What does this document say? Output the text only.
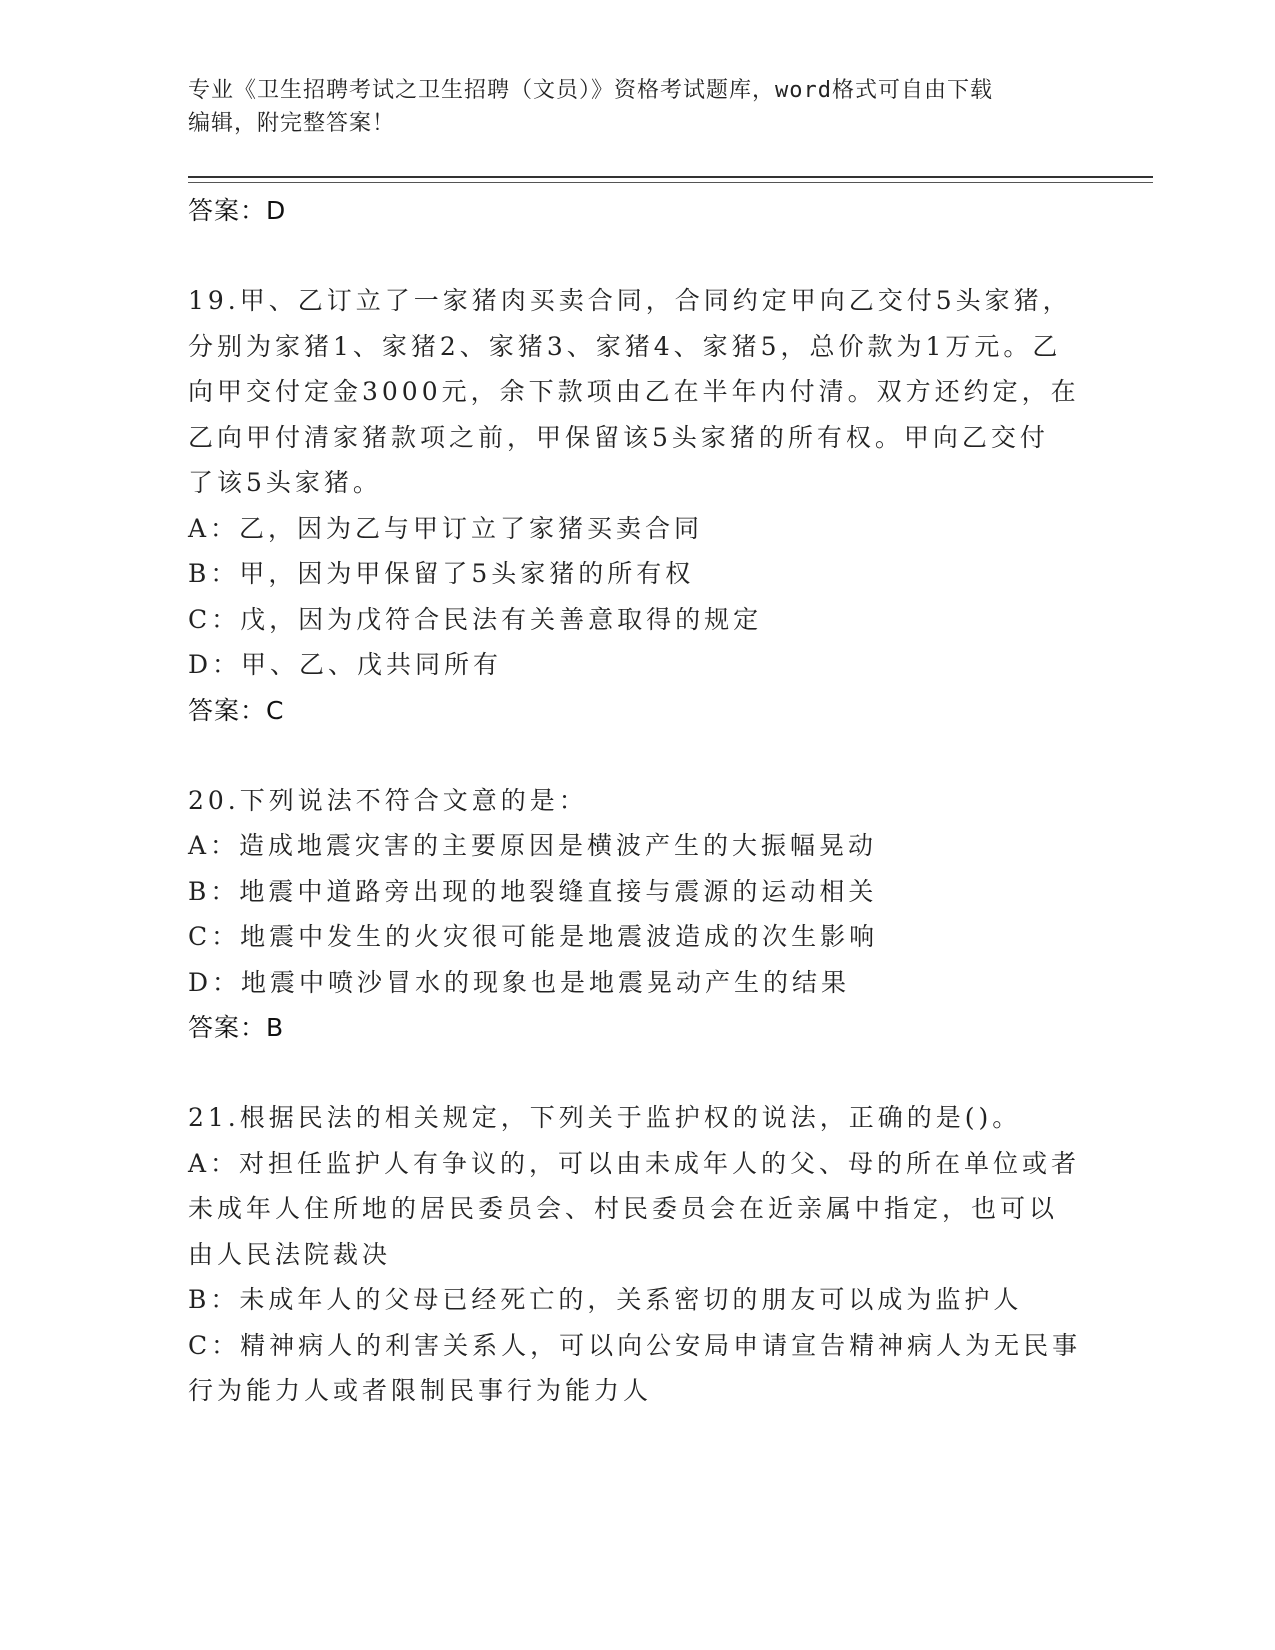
专业《卫生招聘考试之卫生招聘（文员）》资格考试题库，word格式可自由下载
编辑，附完整答案！
答案：D
19.甲、乙订立了一家猪肉买卖合同，合同约定甲向乙交付5头家猪，
分别为家猪1、家猪2、家猪3、家猪4、家猪5，总价款为1万元。乙
向甲交付定金3000元，余下款项由乙在半年内付清。双方还约定，在
乙向甲付清家猪款项之前，甲保留该5头家猪的所有权。甲向乙交付
了该5头家猪。
A：乙，因为乙与甲订立了家猪买卖合同
B：甲，因为甲保留了5头家猪的所有权
C：戊，因为戊符合民法有关善意取得的规定
D：甲、乙、戊共同所有
答案：C
20.下列说法不符合文意的是：
A：造成地震灾害的主要原因是横波产生的大振幅晃动
B：地震中道路旁出现的地裂缝直接与震源的运动相关
C：地震中发生的火灾很可能是地震波造成的次生影响
D：地震中喷沙冒水的现象也是地震晃动产生的结果
答案：B
21.根据民法的相关规定，下列关于监护权的说法，正确的是()。
A：对担任监护人有争议的，可以由未成年人的父、母的所在单位或者
未成年人住所地的居民委员会、村民委员会在近亲属中指定，也可以
由人民法院裁决
B：未成年人的父母已经死亡的，关系密切的朋友可以成为监护人
C：精神病人的利害关系人，可以向公安局申请宣告精神病人为无民事
行为能力人或者限制民事行为能力人
